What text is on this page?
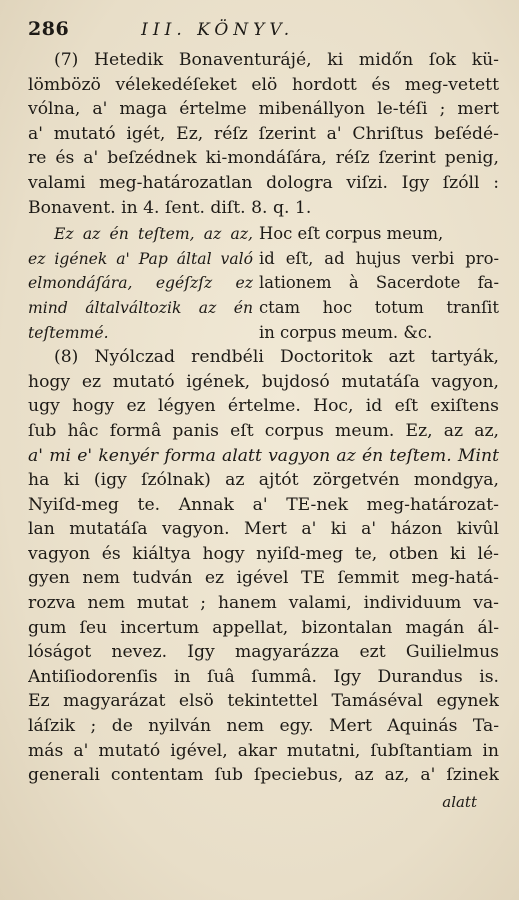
286	III. KÖNYV.
(7) Hetedik Bonaventurájé, ki midőn ſok kü-
lömbözö vélekedéſeket elö hordott és meg-vetett
vólna, a' maga értelme mibenállyon le-téſi ; mert
a' mutató igét, Ez, réſz ſzerint a' Chriſtus beſédé-
re és a' beſzédnek ki-mondáſára, réſz ſzerint penig,
valami meg-határozatlan dologra viſzi. Igy ſzóll :
Bonavent. in 4. ſent. diſt. 8. q. 1.
Ez az én teſtem, az az,
ez igének a' Pap által való
elmondáſára, egéſzſz ez
mind általváltozik az én
teſtemmé.
Hoc eſt corpus meum,
id eſt, ad hujus verbi pro-
lationem à Sacerdote fa-
ctam hoc totum tranſit
in corpus meum. &c.
(8) Nyólczad rendbéli Doctoritok azt tartyák,
hogy ez mutató igének, bujdosó mutatáſa vagyon,
ugy hogy ez légyen értelme. Hoc, id eſt exiſtens
ſub hâc formâ panis eſt corpus meum. Ez, az az,
a' mi e' kenyér forma alatt vagyon az én teſtem. Mint
ha ki (igy ſzólnak) az ajtót zörgetvén mondgya,
Nyiſd-meg te. Annak a' TE-nek meg-határozat-
lan mutatáſa vagyon. Mert a' ki a' házon kivûl
vagyon és kiáltya hogy nyiſd-meg te, otben ki lé-
gyen nem tudván ez igével TE ſemmit meg-hatá-
rozva nem mutat ; hanem valami, individuum va-
gum ſeu incertum appellat, bizontalan magán ál-
lóságot nevez. Igy magyarázza ezt Guilielmus
Antiſiodorenſis in ſuâ ſummâ. Igy Durandus is.
Ez magyarázat elsö tekintettel Tamáséval egynek
láſzik ; de nyilván nem egy. Mert Aquinás Ta-
más a' mutató igével, akar mutatni, ſubſtantiam in
generali contentam ſub ſpeciebus, az az, a' ſzinek
alatt
